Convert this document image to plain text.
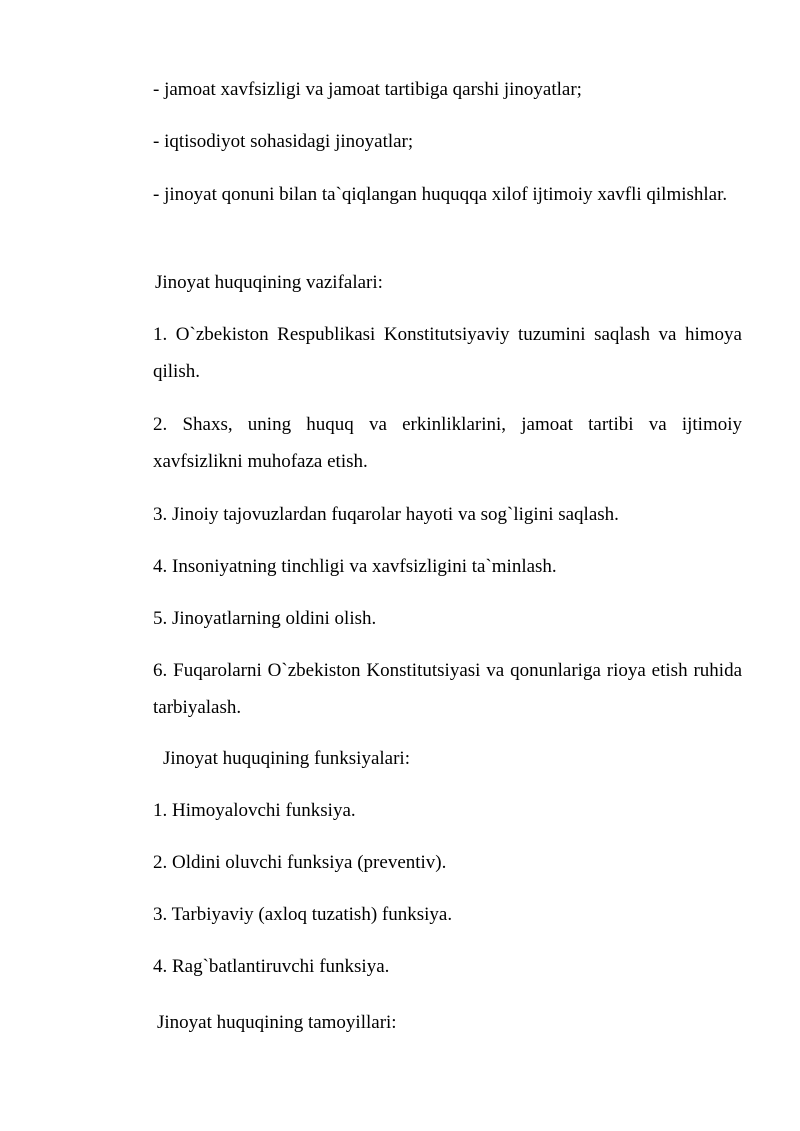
- jamoat xavfsizligi va jamoat tartibiga qarshi jinoyatlar;
- iqtisodiyot sohasidagi jinoyatlar;
- jinoyat qonuni bilan ta`qiqlangan huquqqa xilof ijtimoiy xavfli qilmishlar.
Jinoyat huquqining vazifalari:
1. O`zbekiston Respublikasi Konstitutsiyaviy tuzumini saqlash va himoya qilish.
2. Shaxs, uning huquq va erkinliklarini, jamoat tartibi va ijtimoiy xavfsizlikni muhofaza etish.
3. Jinoiy tajovuzlardan fuqarolar hayoti va sog`ligini saqlash.
4. Insoniyatning tinchligi va xavfsizligini ta`minlash.
5. Jinoyatlarning oldini olish.
6. Fuqarolarni O`zbekiston Konstitutsiyasi va qonunlariga rioya etish ruhida tarbiyalash.
Jinoyat huquqining funksiyalari:
1. Himoyalovchi funksiya.
2. Oldini oluvchi funksiya (preventiv).
3. Tarbiyaviy (axloq tuzatish) funksiya.
4. Rag`batlantiruvchi funksiya.
Jinoyat huquqining tamoyillari:
